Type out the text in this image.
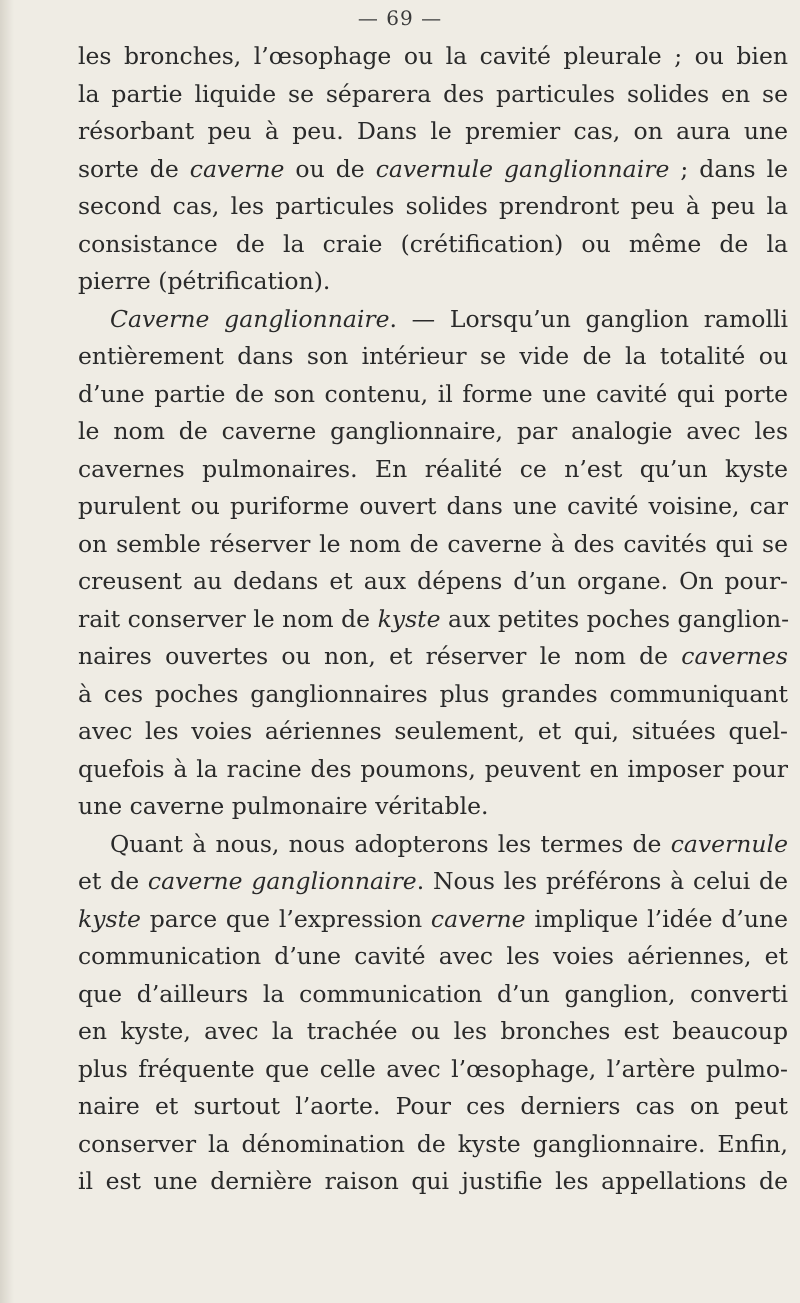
— 69 —
les bronches, l’œsophage ou la cavité pleurale ; ou bien
la partie liquide se séparera des particules solides en se
résorbant peu à peu. Dans le premier cas, on aura une
sorte de caverne ou de cavernule ganglionnaire ; dans le
second cas, les particules solides prendront peu à peu la
consistance de la craie (crétification) ou même de la
pierre (pétrification).
Caverne ganglionnaire. — Lorsqu’un ganglion ramolli
entièrement dans son intérieur se vide de la totalité ou
d’une partie de son contenu, il forme une cavité qui porte
le nom de caverne ganglionnaire, par analogie avec les
cavernes pulmonaires. En réalité ce n’est qu’un kyste
purulent ou puriforme ouvert dans une cavité voisine, car
on semble réserver le nom de caverne à des cavités qui se
creusent au dedans et aux dépens d’un organe. On pour-
rait conserver le nom de kyste aux petites poches ganglion-
naires ouvertes ou non, et réserver le nom de cavernes
à ces poches ganglionnaires plus grandes communiquant
avec les voies aériennes seulement, et qui, situées quel-
quefois à la racine des poumons, peuvent en imposer pour
une caverne pulmonaire véritable.
Quant à nous, nous adopterons les termes de cavernule
et de caverne ganglionnaire. Nous les préférons à celui de
kyste parce que l’expression caverne implique l’idée d’une
communication d’une cavité avec les voies aériennes, et
que d’ailleurs la communication d’un ganglion, converti
en kyste, avec la trachée ou les bronches est beaucoup
plus fréquente que celle avec l’œsophage, l’artère pulmo-
naire et surtout l’aorte. Pour ces derniers cas on peut
conserver la dénomination de kyste ganglionnaire. Enfin,
il est une dernière raison qui justifie les appellations de
